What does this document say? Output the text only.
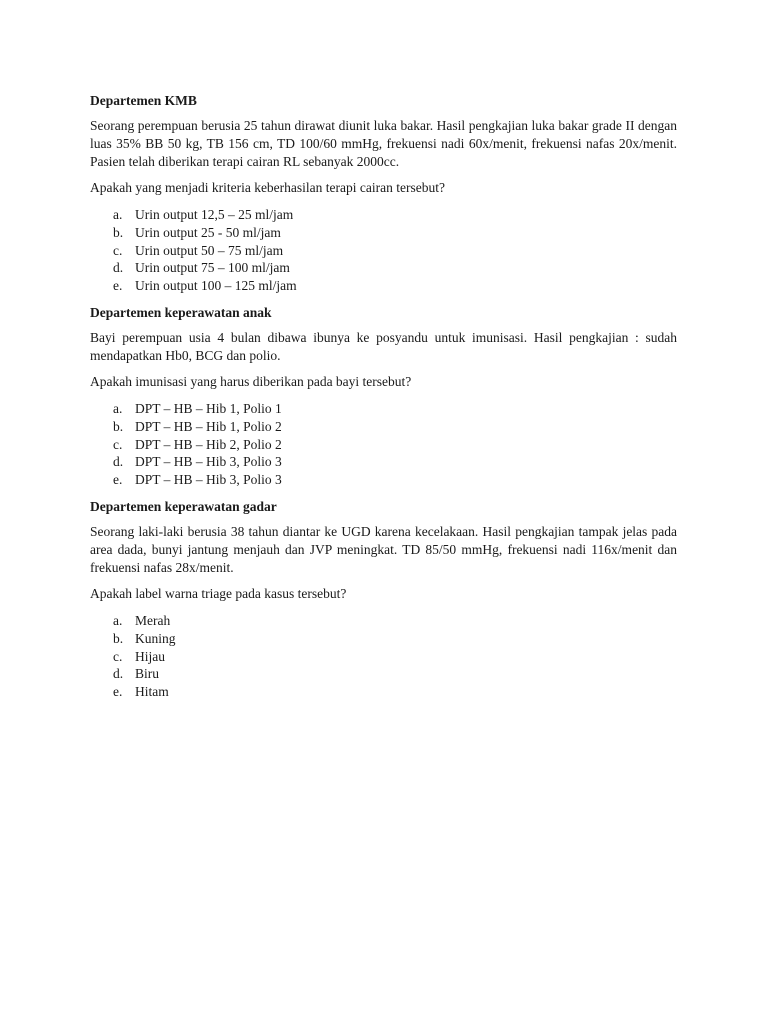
Departemen KMB
Seorang perempuan berusia 25 tahun dirawat diunit luka bakar. Hasil pengkajian luka bakar grade II dengan luas 35% BB 50 kg, TB 156 cm, TD 100/60 mmHg, frekuensi nadi 60x/menit, frekuensi nafas 20x/menit. Pasien telah diberikan terapi cairan RL sebanyak 2000cc.
Apakah yang menjadi kriteria keberhasilan terapi cairan tersebut?
a. Urin output 12,5 – 25 ml/jam
b. Urin output 25 - 50 ml/jam
c. Urin output 50 – 75 ml/jam
d. Urin output 75 – 100 ml/jam
e. Urin output 100 – 125 ml/jam
Departemen keperawatan anak
Bayi perempuan usia 4 bulan dibawa ibunya ke posyandu untuk imunisasi. Hasil pengkajian : sudah mendapatkan Hb0, BCG dan polio.
Apakah imunisasi yang harus diberikan pada bayi tersebut?
a. DPT – HB – Hib 1, Polio 1
b. DPT – HB – Hib 1, Polio 2
c. DPT – HB – Hib 2, Polio 2
d. DPT – HB – Hib 3, Polio 3
e. DPT – HB – Hib 3, Polio 3
Departemen keperawatan gadar
Seorang laki-laki berusia 38 tahun diantar ke UGD karena kecelakaan. Hasil pengkajian tampak jelas pada area dada, bunyi jantung menjauh dan JVP meningkat. TD 85/50 mmHg, frekuensi nadi 116x/menit dan frekuensi nafas 28x/menit.
Apakah label warna triage pada kasus tersebut?
a. Merah
b. Kuning
c. Hijau
d. Biru
e. Hitam
